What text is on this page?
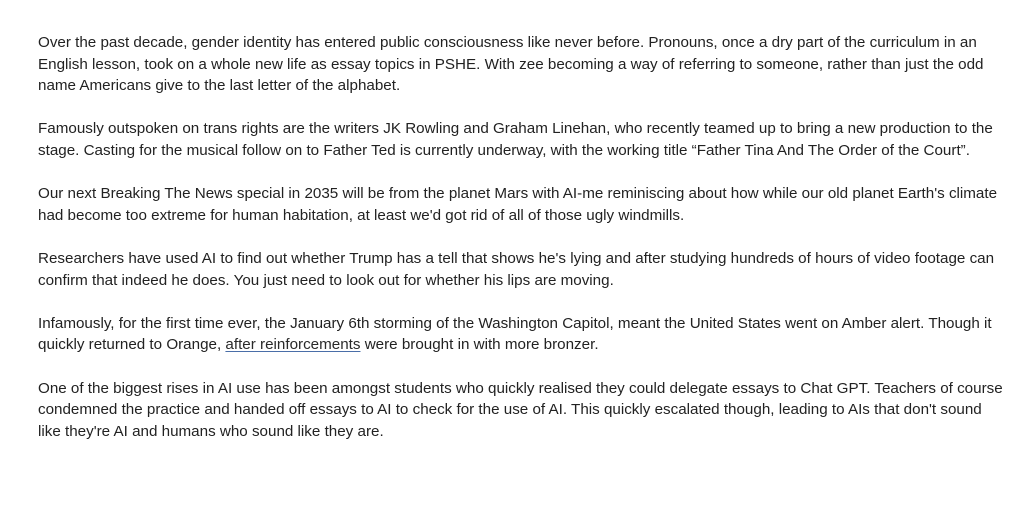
Over the past decade, gender identity has entered public consciousness like never before. Pronouns, once a dry part of the curriculum in an English lesson, took on a whole new life as essay topics in PSHE. With zee becoming a way of referring to someone, rather than just the odd name Americans give to the last letter of the alphabet.

Famously outspoken on trans rights are the writers JK Rowling and Graham Linehan, who recently teamed up to bring a new production to the stage. Casting for the musical follow on to Father Ted is currently underway, with the working title “Father Tina And The Order of the Court”.

Our next Breaking The News special in 2035 will be from the planet Mars with AI-me reminiscing about how while our old planet Earth's climate had become too extreme for human habitation, at least we'd got rid of all of those ugly windmills.

Researchers have used AI to find out whether Trump has a tell that shows he's lying and after studying hundreds of hours of video footage can confirm that indeed he does. You just need to look out for whether his lips are moving.

Infamously, for the first time ever, the January 6th storming of the Washington Capitol, meant the United States went on Amber alert. Though it quickly returned to Orange, after reinforcements were brought in with more bronzer.

One of the biggest rises in AI use has been amongst students who quickly realised they could delegate essays to Chat GPT. Teachers of course condemned the practice and handed off essays to AI to check for the use of AI. This quickly escalated though, leading to AIs that don't sound like they're AI and humans who sound like they are.
